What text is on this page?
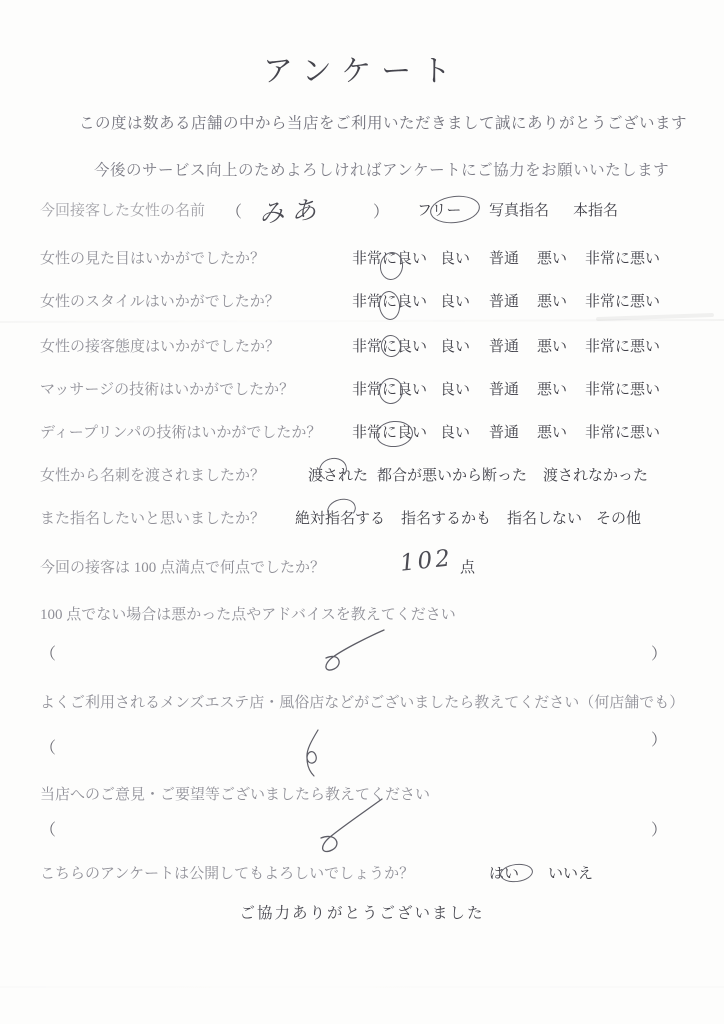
アンケート
この度は数ある店舗の中から当店をご利用いただきまして誠にありがとうございます
今後のサービス向上のためよろしければアンケートにご協力をお願いいたします
今回接客した女性の名前 （ みあ	） フリー 写真指名 本指名
女性の見た目はいかがでしたか？	非常に良い 良い 普通 悪い 非常に悪い
女性のスタイルはいかがでしたか？	非常に良い 良い 普通 悪い 非常に悪い
女性の接客態度はいかがでしたか？	非常に良い 良い 普通 悪い 非常に悪い
マッサージの技術はいかがでしたか？	非常に良い 良い 普通 悪い 非常に悪い
ディープリンパの技術はいかがでしたか？ 非常に良い 良い 普通 悪い 非常に悪い
女性から名刺を渡されましたか？	渡された 都合が悪いから断った 渡されなかった
また指名したいと思いましたか？ 絶対指名する 指名するかも 指名しない その他
今回の接客は 100 点満点で何点でしたか？	102 点
100 点でない場合は悪かった点やアドバイスを教えてください
（	）
よくご利用されるメンズエステ店・風俗店などがございましたら教えてください（何店舗でも）
（	）
当店へのご意見・ご要望等ございましたら教えてください
（	）
こちらのアンケートは公開してもよろしいでしょうか？	はい いいえ
ご協力ありがとうございました
